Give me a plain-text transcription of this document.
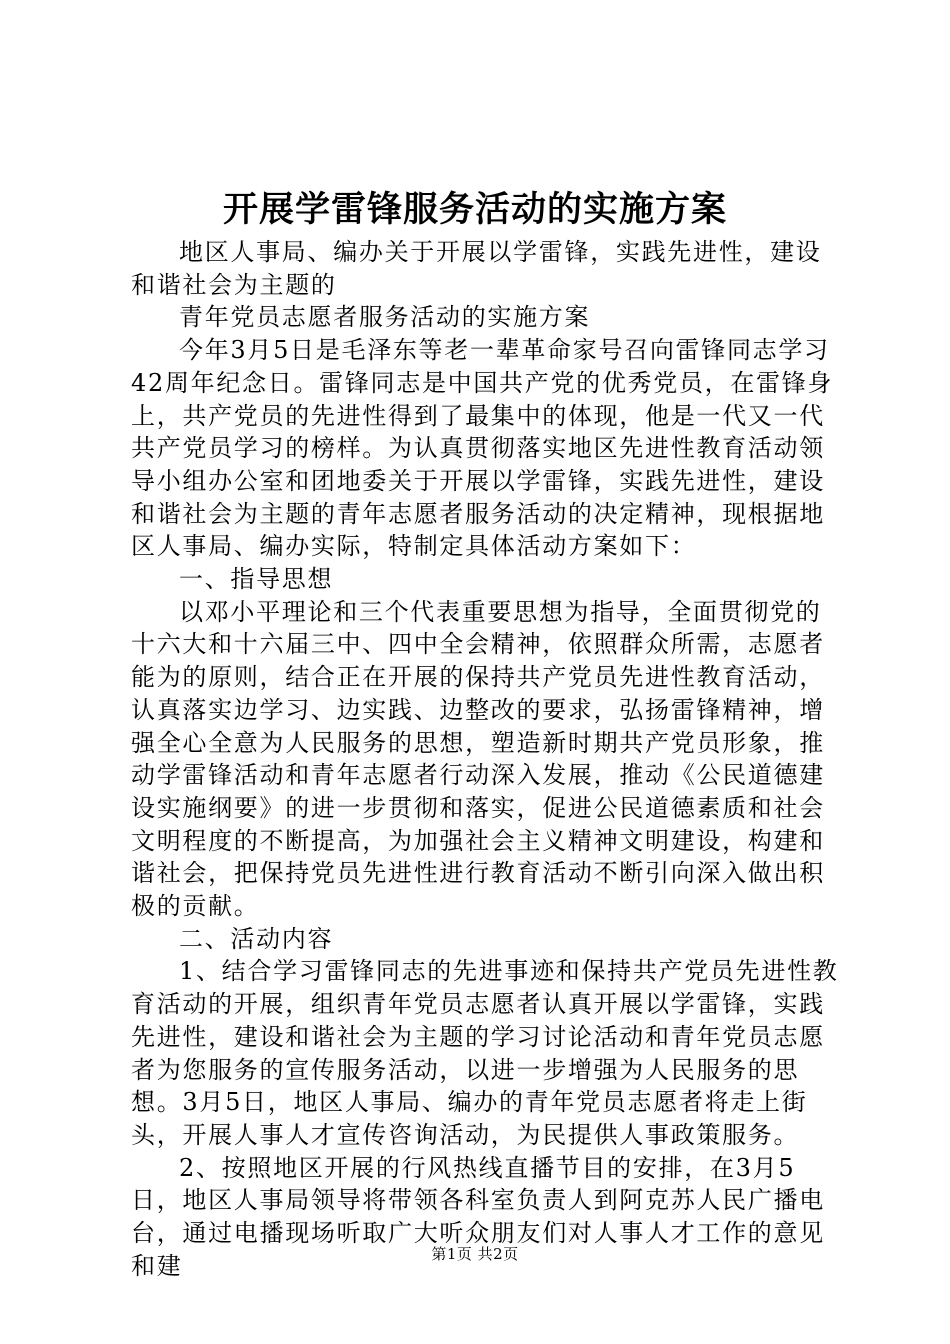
开展学雷锋服务活动的实施方案

地区人事局、编办关于开展以学雷锋，实践先进性，建设和谐社会为主题的

青年党员志愿者服务活动的实施方案

今年3月5日是毛泽东等老一辈革命家号召向雷锋同志学习42周年纪念日。雷锋同志是中国共产党的优秀党员，在雷锋身上，共产党员的先进性得到了最集中的体现，他是一代又一代共产党员学习的榜样。为认真贯彻落实地区先进性教育活动领导小组办公室和团地委关于开展以学雷锋，实践先进性，建设和谐社会为主题的青年志愿者服务活动的决定精神，现根据地区人事局、编办实际，特制定具体活动方案如下：

一、指导思想

以邓小平理论和三个代表重要思想为指导，全面贯彻党的十六大和十六届三中、四中全会精神，依照群众所需，志愿者能为的原则，结合正在开展的保持共产党员先进性教育活动，认真落实边学习、边实践、边整改的要求，弘扬雷锋精神，增强全心全意为人民服务的思想，塑造新时期共产党员形象，推动学雷锋活动和青年志愿者行动深入发展，推动《公民道德建设实施纲要》的进一步贯彻和落实，促进公民道德素质和社会文明程度的不断提高，为加强社会主义精神文明建设，构建和谐社会，把保持党员先进性进行教育活动不断引向深入做出积极的贡献。

二、活动内容

1、结合学习雷锋同志的先进事迹和保持共产党员先进性教育活动的开展，组织青年党员志愿者认真开展以学雷锋，实践先进性，建设和谐社会为主题的学习讨论活动和青年党员志愿者为您服务的宣传服务活动，以进一步增强为人民服务的思想。3月5日，地区人事局、编办的青年党员志愿者将走上街头，开展人事人才宣传咨询活动，为民提供人事政策服务。

2、按照地区开展的行风热线直播节目的安排，在3月5日，地区人事局领导将带领各科室负责人到阿克苏人民广播电台，通过电播现场听取广大听众朋友们对人事人才工作的意见和建	第1页 共2页
